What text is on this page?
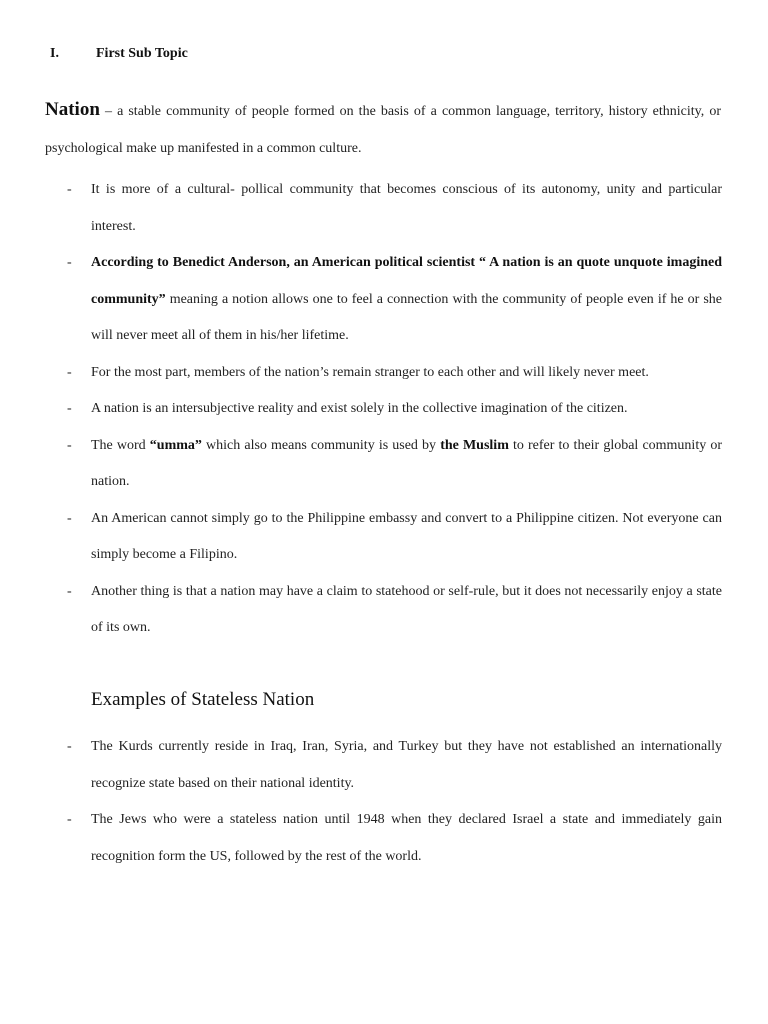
I.	First Sub Topic

Nation – a stable community of people formed on the basis of a common language, territory, history ethnicity, or psychological make up manifested in a common culture.

- It is more of a cultural- pollical community that becomes conscious of its autonomy, unity and particular interest.
- According to Benedict Anderson, an American political scientist “ A nation is an quote unquote imagined community” meaning a notion allows one to feel a connection with the community of people even if he or she will never meet all of them in his/her lifetime.
- For the most part, members of the nation’s remain stranger to each other and will likely never meet.
- A nation is an intersubjective reality and exist solely in the collective imagination of the citizen.
- The word “umma” which also means community is used by the Muslim to refer to their global community or nation.
- An American cannot simply go to the Philippine embassy and convert to a Philippine citizen. Not everyone can simply become a Filipino.
- Another thing is that a nation may have a claim to statehood or self-rule, but it does not necessarily enjoy a state of its own.
Examples of Stateless Nation
- The Kurds currently reside in Iraq, Iran, Syria, and Turkey but they have not established an internationally recognize state based on their national identity.
- The Jews who were a stateless nation until 1948 when they declared Israel a state and immediately gain recognition form the US, followed by the rest of the world.
